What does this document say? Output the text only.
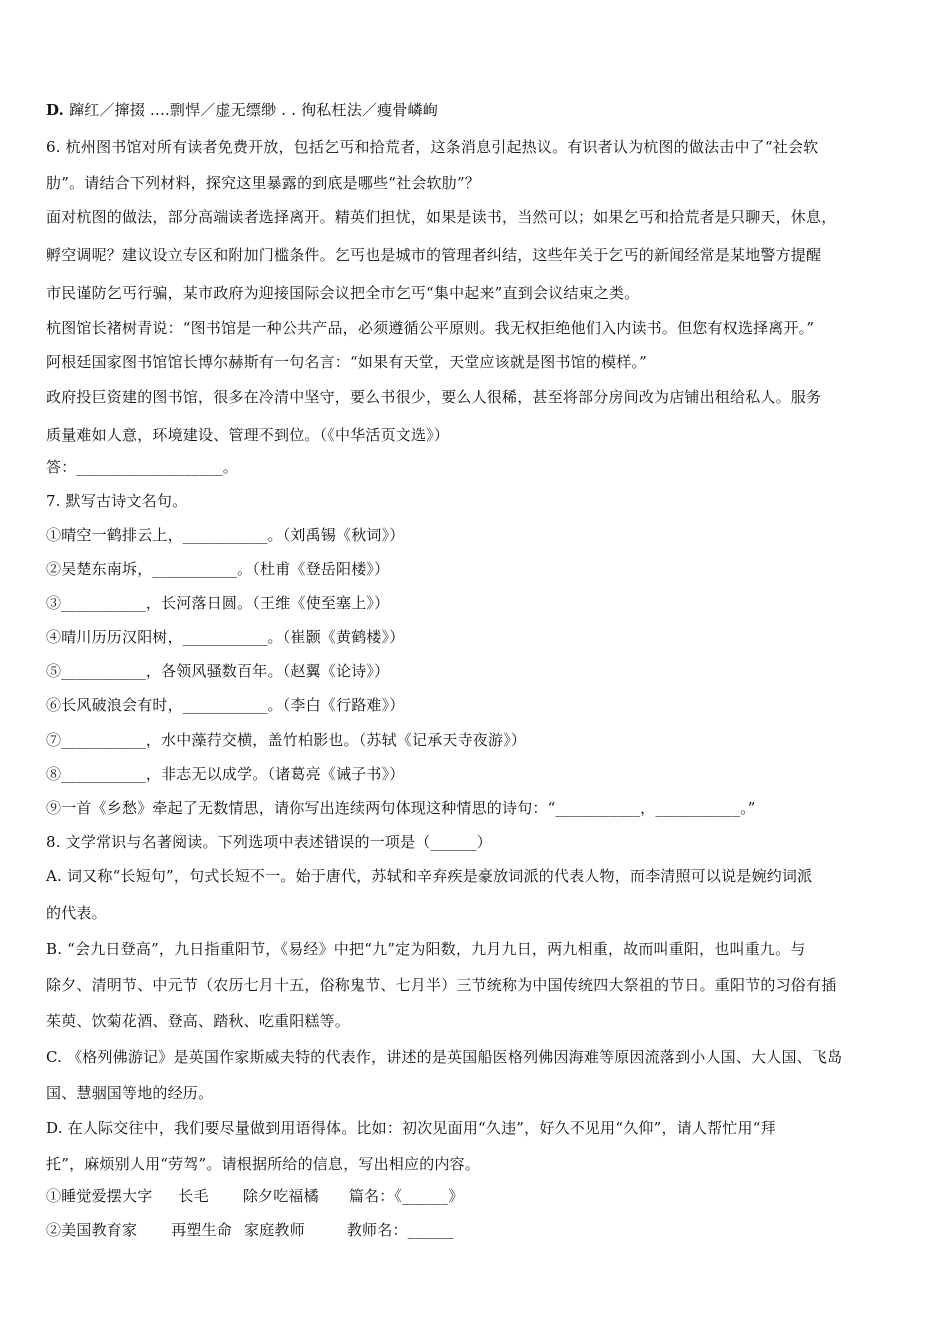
D. 蹿红／撺掇 ....剽悍／虚无缥缈 . . 徇私枉法／瘦骨嶙峋
6. 杭州图书馆对所有读者免费开放，包括乞丐和拾荒者，这条消息引起热议。有识者认为杭图的做法击中了“社会软
肋”。请结合下列材料，探究这里暴露的到底是哪些“社会软肋”？
面对杭图的做法，部分高端读者选择离开。精英们担忧，如果是读书，当然可以；如果乞丐和拾荒者是只聊天，休息，
孵空调呢？建议设立专区和附加门槛条件。乞丐也是城市的管理者纠结，这些年关于乞丐的新闻经常是某地警方提醒
市民谨防乞丐行骗，某市政府为迎接国际会议把全市乞丐“集中起来”直到会议结束之类。
杭图馆长褚树青说：“图书馆是一种公共产品，必须遵循公平原则。我无权拒绝他们入内读书。但您有权选择离开。”
阿根廷国家图书馆馆长博尔赫斯有一句名言：“如果有天堂，天堂应该就是图书馆的模样。”
政府投巨资建的图书馆，很多在冷清中坚守，要么书很少，要么人很稀，甚至将部分房间改为店铺出租给私人。服务
质量难如人意，环境建设、管理不到位。（《中华活页文选》）
答：___________________。
7. 默写古诗文名句。
①晴空一鹤排云上，___________。（刘禹锡《秋词》）
②吴楚东南坼，___________。（杜甫《登岳阳楼》）
③___________，长河落日圆。（王维《使至塞上》）
④晴川历历汉阳树，___________。（崔颢《黄鹤楼》）
⑤___________，各领风骚数百年。（赵翼《论诗》）
⑥长风破浪会有时，___________。（李白《行路难》）
⑦___________，水中藻荇交横，盖竹柏影也。（苏轼《记承天寺夜游》）
⑧___________，非志无以成学。（诸葛亮《诫子书》）
⑨一首《乡愁》牵起了无数情思，请你写出连续两句体现这种情思的诗句：“___________，___________。”
8. 文学常识与名著阅读。下列选项中表述错误的一项是（______）
A. 词又称“长短句”，句式长短不一。始于唐代，苏轼和辛弃疾是豪放词派的代表人物，而李清照可以说是婉约词派
的代表。
B. “会九日登高”，九日指重阳节，《易经》中把“九”定为阳数，九月九日，两九相重，故而叫重阳，也叫重九。与
除夕、清明节、中元节（农历七月十五，俗称鬼节、七月半）三节统称为中国传统四大祭祖的节日。重阳节的习俗有插
茱萸、饮菊花酒、登高、踏秋、吃重阳糕等。
C. 《格列佛游记》是英国作家斯威夫特的代表作，讲述的是英国船医格列佛因海难等原因流落到小人国、大人国、飞岛
国、慧骃国等地的经历。
D. 在人际交往中，我们要尽量做到用语得体。比如：初次见面用“久违”，好久不见用“久仰”，请人帮忙用“拜
托”，麻烦别人用“劳驾”。请根据所给的信息，写出相应的内容。
①睡觉爱摆大字 长毛 除夕吃福橘 篇名：《______》
②美国教育家 再塑生命 家庭教师	教师名：______
